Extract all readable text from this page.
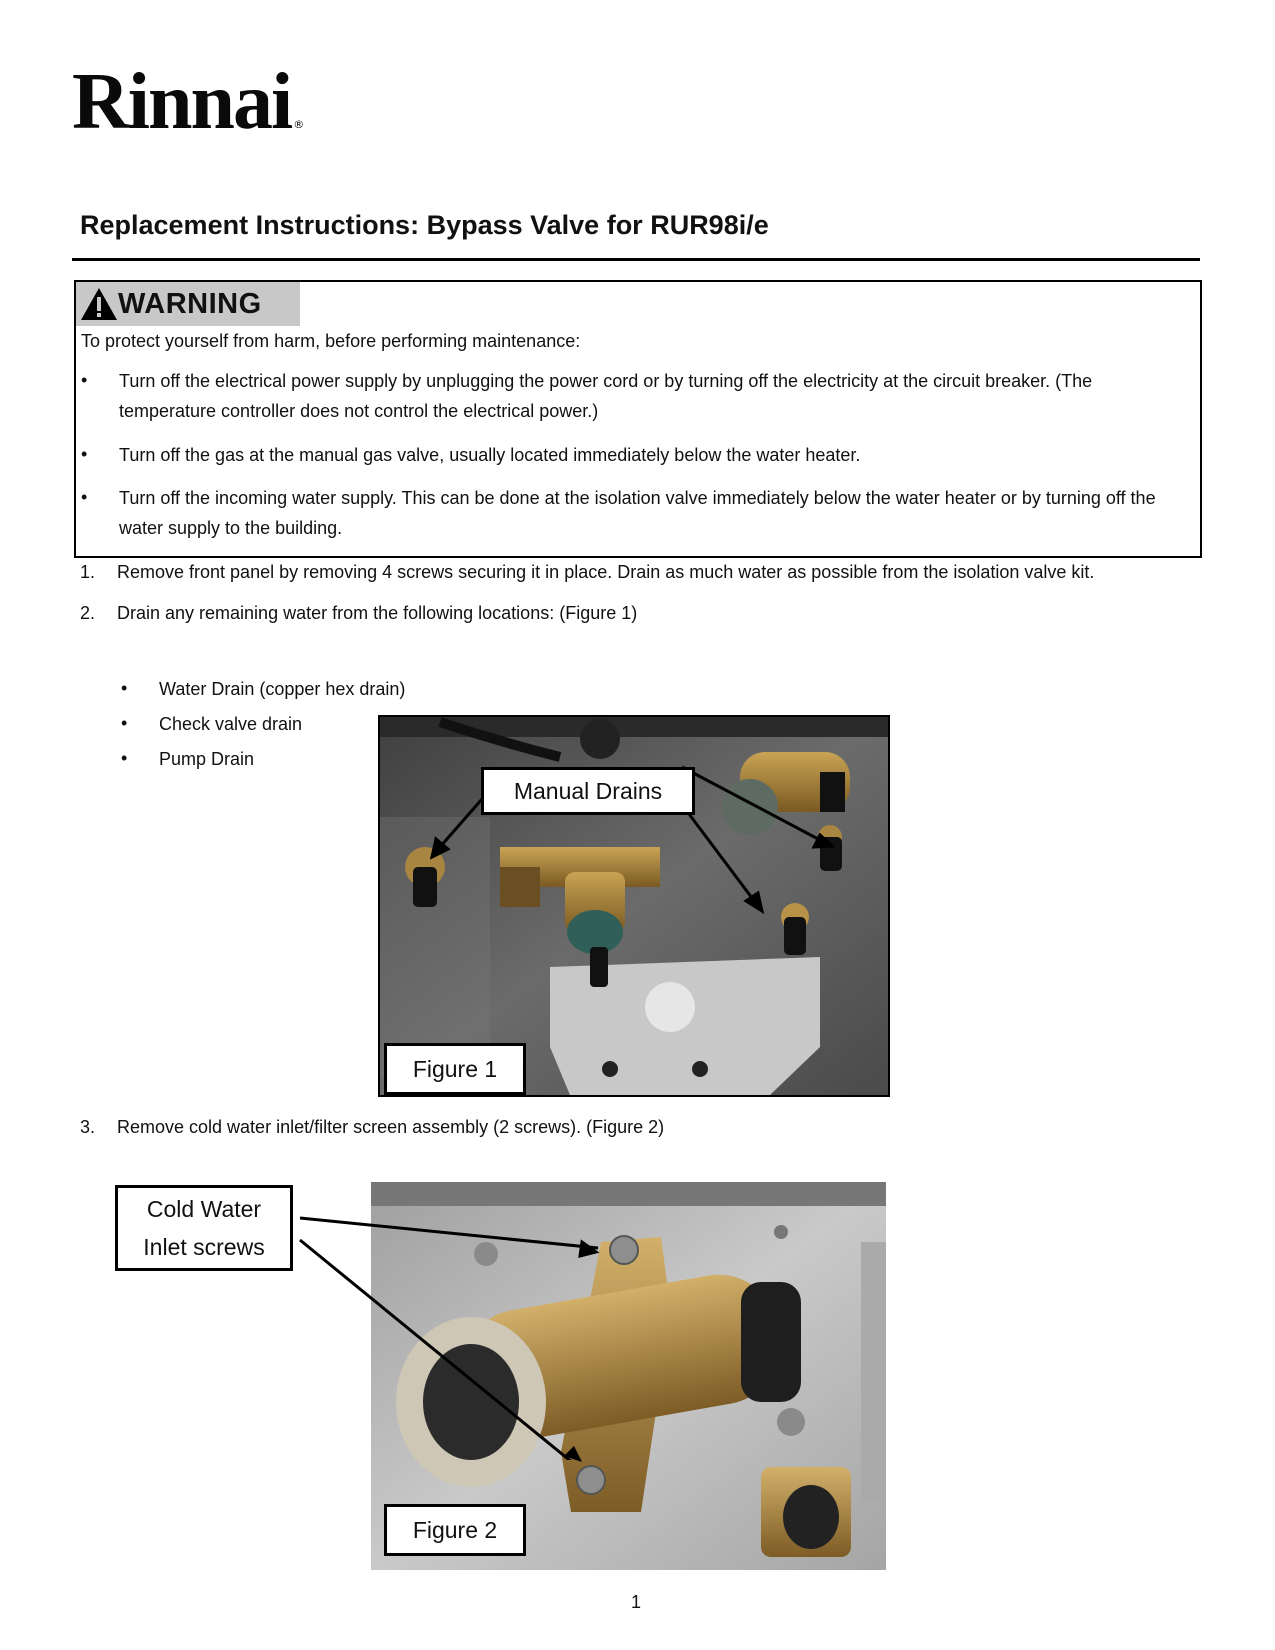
Rinnai ®
Replacement Instructions: Bypass Valve for RUR98i/e
WARNING
To protect yourself from harm, before performing maintenance:
• Turn off the electrical power supply by unplugging the power cord or by turning off the electricity at the circuit breaker. (The temperature controller does not control the electrical power.)
• Turn off the gas at the manual gas valve, usually located immediately below the water heater.
• Turn off the incoming water supply. This can be done at the isolation valve immediately below the water heater or by turning off the water supply to the building.
1. Remove front panel by removing 4 screws securing it in place. Drain as much water as possible from the isolation valve kit.
2. Drain any remaining water from the following locations: (Figure 1)
• Water Drain (copper hex drain)
• Check valve drain
• Pump Drain
Manual Drains
Figure 1
3. Remove cold water inlet/filter screen assembly (2 screws). (Figure 2)
Cold Water
Inlet screws
Figure 2
1
